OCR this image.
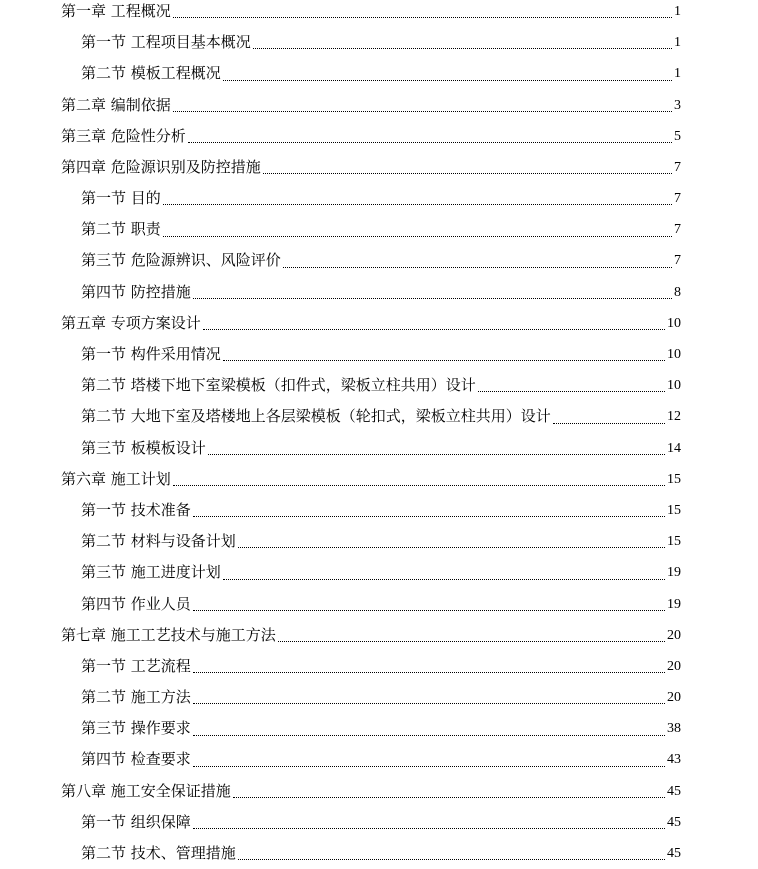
第一章 工程概况	1
第一节 工程项目基本概况	1
第二节 模板工程概况	1
第二章 编制依据	3
第三章 危险性分析	5
第四章 危险源识别及防控措施	7
第一节 目的	7
第二节 职责	7
第三节 危险源辨识、风险评价	7
第四节 防控措施	8
第五章 专项方案设计	10
第一节 构件采用情况	10
第二节 塔楼下地下室梁模板（扣件式，梁板立柱共用）设计	10
第二节 大地下室及塔楼地上各层梁模板（轮扣式，梁板立柱共用）设计	12
第三节 板模板设计	14
第六章 施工计划	15
第一节 技术准备	15
第二节 材料与设备计划	15
第三节 施工进度计划	19
第四节 作业人员	19
第七章 施工工艺技术与施工方法	20
第一节 工艺流程	20
第二节 施工方法	20
第三节 操作要求	38
第四节 检查要求	43
第八章 施工安全保证措施	45
第一节 组织保障	45
第二节 技术、管理措施	45
